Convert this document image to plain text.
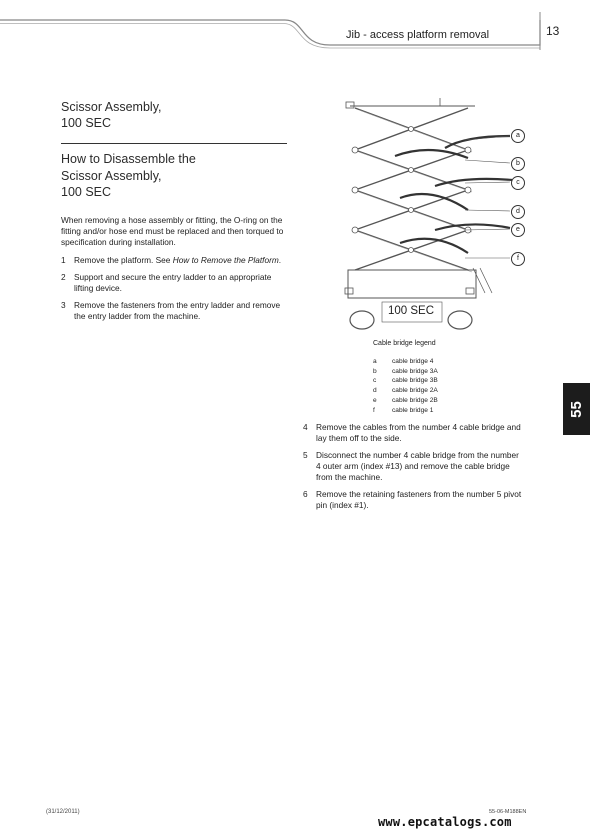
Jib - access platform removal	13
Scissor Assembly,
100 SEC
How to Disassemble the
Scissor Assembly,
100 SEC
When removing a hose assembly or fitting, the O-ring on the fitting and/or hose end must be replaced and then torqued to specification during installation.
1 Remove the platform. See How to Remove the Platform.
2 Support and secure the entry ladder to an appropriate lifting device.
3 Remove the fasteners from the entry ladder and remove the entry ladder from the machine.	100 SEC
a
b
c
d
e
f
Cable bridge legend
a	cable bridge 4
b	cable bridge 3A
c	cable bridge 3B
d	cable bridge 2A
e	cable bridge 2B
f	cable bridge 1
4 Remove the cables from the number 4 cable bridge and lay them off to the side.
5 Disconnect the number 4 cable bridge from the number 4 outer arm (index #13) and remove the cable bridge from the machine.
6 Remove the retaining fasteners from the number 5 pivot pin (index #1).
55
(31/12/2011)	55-06-M188EN
www.epcatalogs.com
